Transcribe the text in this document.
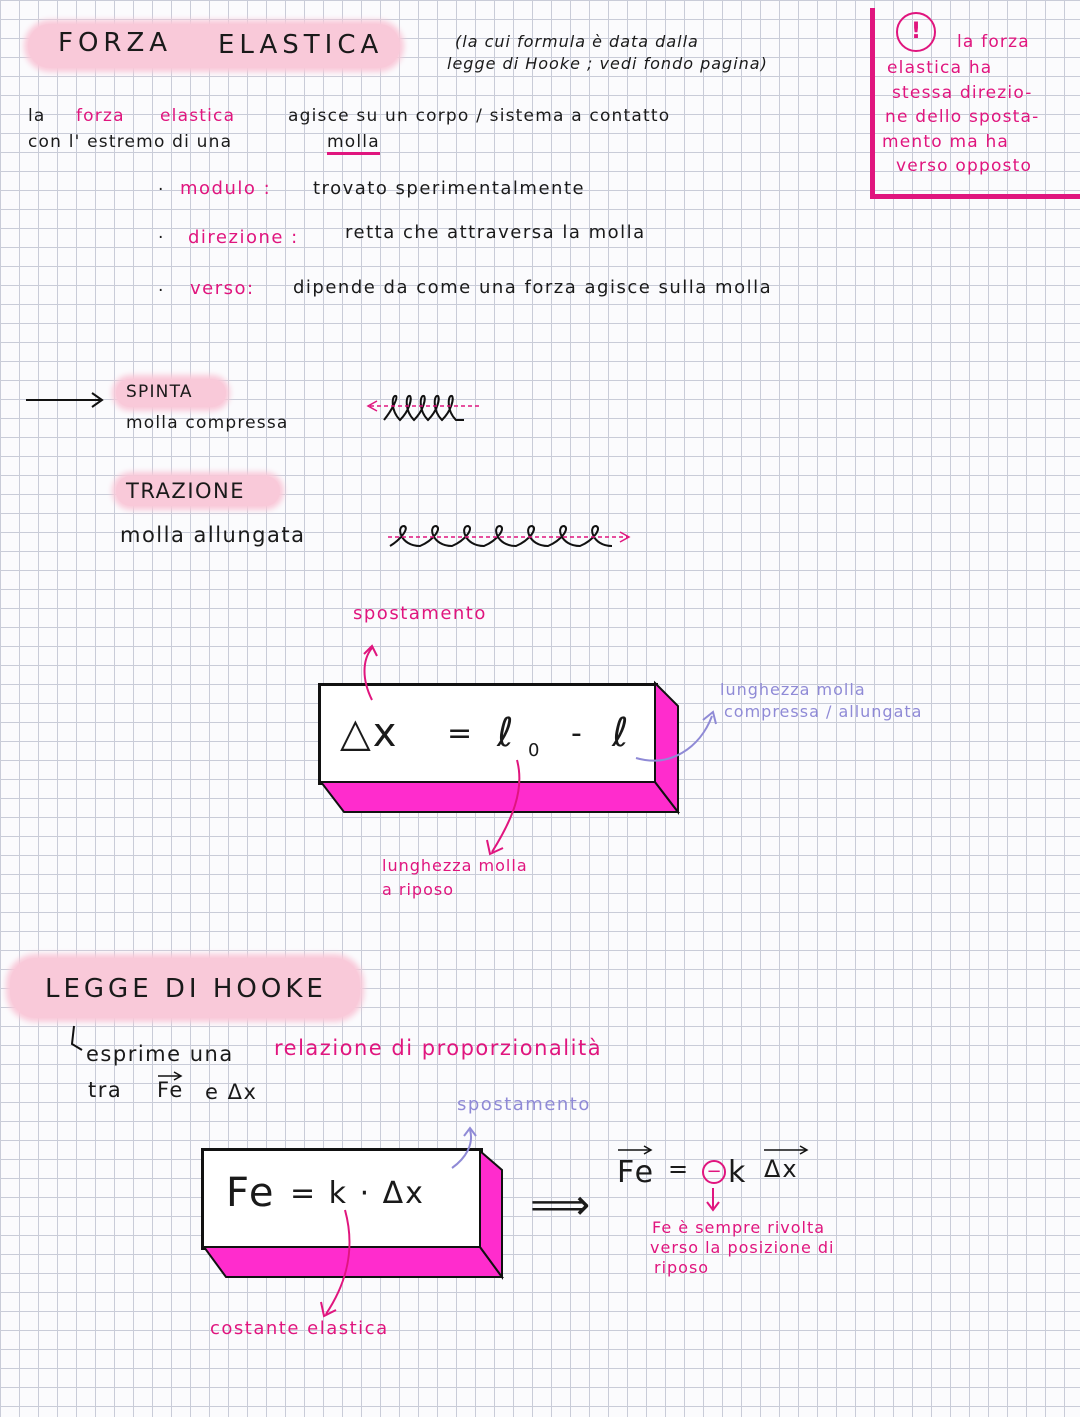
FORZA ELASTICA	(la cui formula è data dalla
legge di Hooke ; vedi fondo pagina)
!	la forza
elastica ha
stessa direzio-
ne dello sposta-
mento ma ha
verso opposto
la forza elastica	agisce su un corpo / sistema a contatto
con l' estremo di una	molla
· modulo : trovato sperimentalmente
· direzione :	retta che attraversa la molla
· verso: dipende da come una forza agisce sulla molla
SPINTA
molla compressa
TRAZIONE
molla allungata
spostamento
△x = ℓ 0 - ℓ
lunghezza molla
compressa / allungata
lunghezza molla
a riposo
LEGGE DI HOOKE
esprime una relazione di proporzionalità
tra Fe e Δx
spostamento
Fe = k · Δx
costante elastica
⟹
Fe = − k Δx
Fe è sempre rivolta
verso la posizione di
riposo
